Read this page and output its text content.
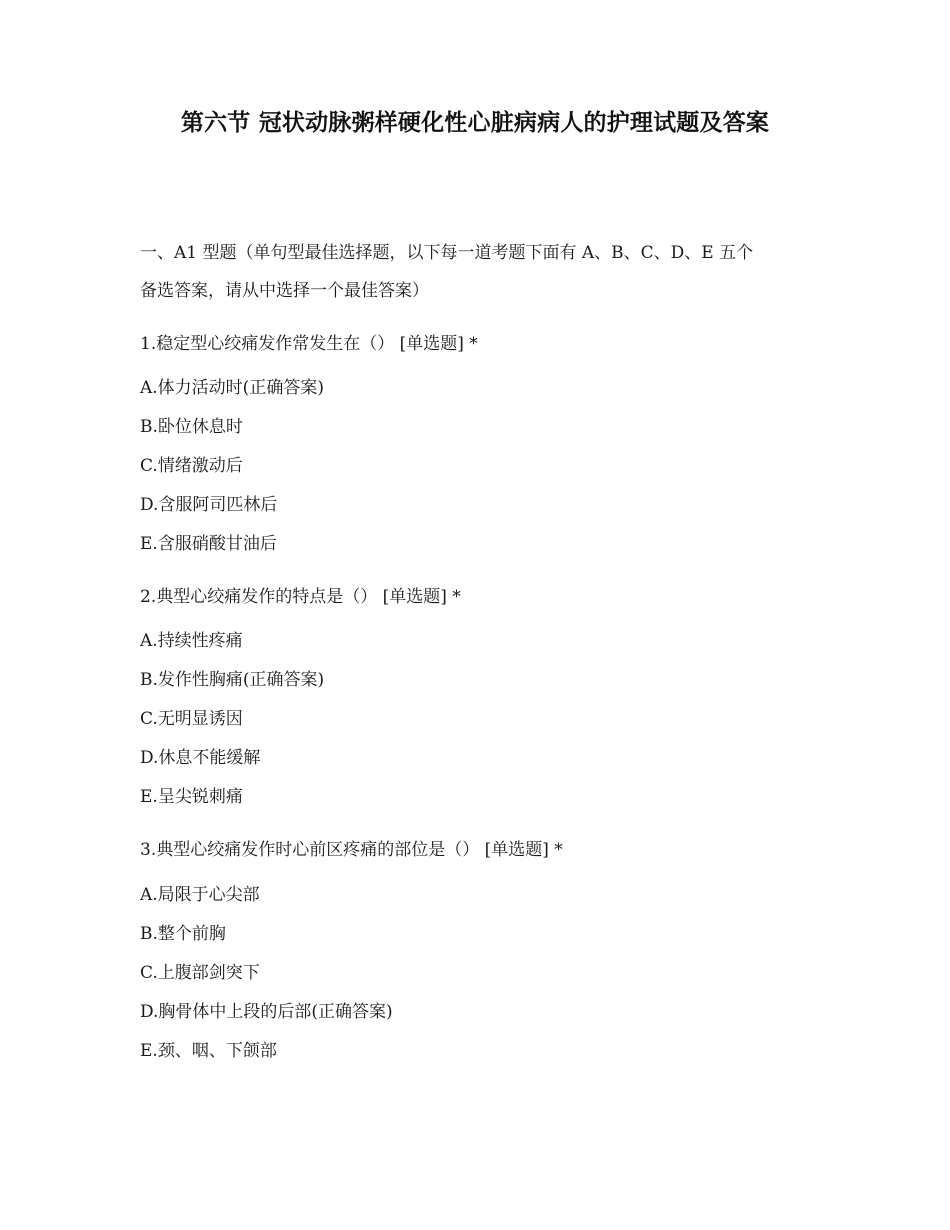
第六节 冠状动脉粥样硬化性心脏病病人的护理试题及答案
一、A1 型题（单句型最佳选择题，以下每一道考题下面有 A、B、C、D、E 五个
备选答案，请从中选择一个最佳答案）
1.稳定型心绞痛发作常发生在（） [单选题] *
A.体力活动时(正确答案)
B.卧位休息时
C.情绪激动后
D.含服阿司匹林后
E.含服硝酸甘油后
2.典型心绞痛发作的特点是（） [单选题] *
A.持续性疼痛
B.发作性胸痛(正确答案)
C.无明显诱因
D.休息不能缓解
E.呈尖锐刺痛
3.典型心绞痛发作时心前区疼痛的部位是（） [单选题] *
A.局限于心尖部
B.整个前胸
C.上腹部剑突下
D.胸骨体中上段的后部(正确答案)
E.颈、咽、下颌部
